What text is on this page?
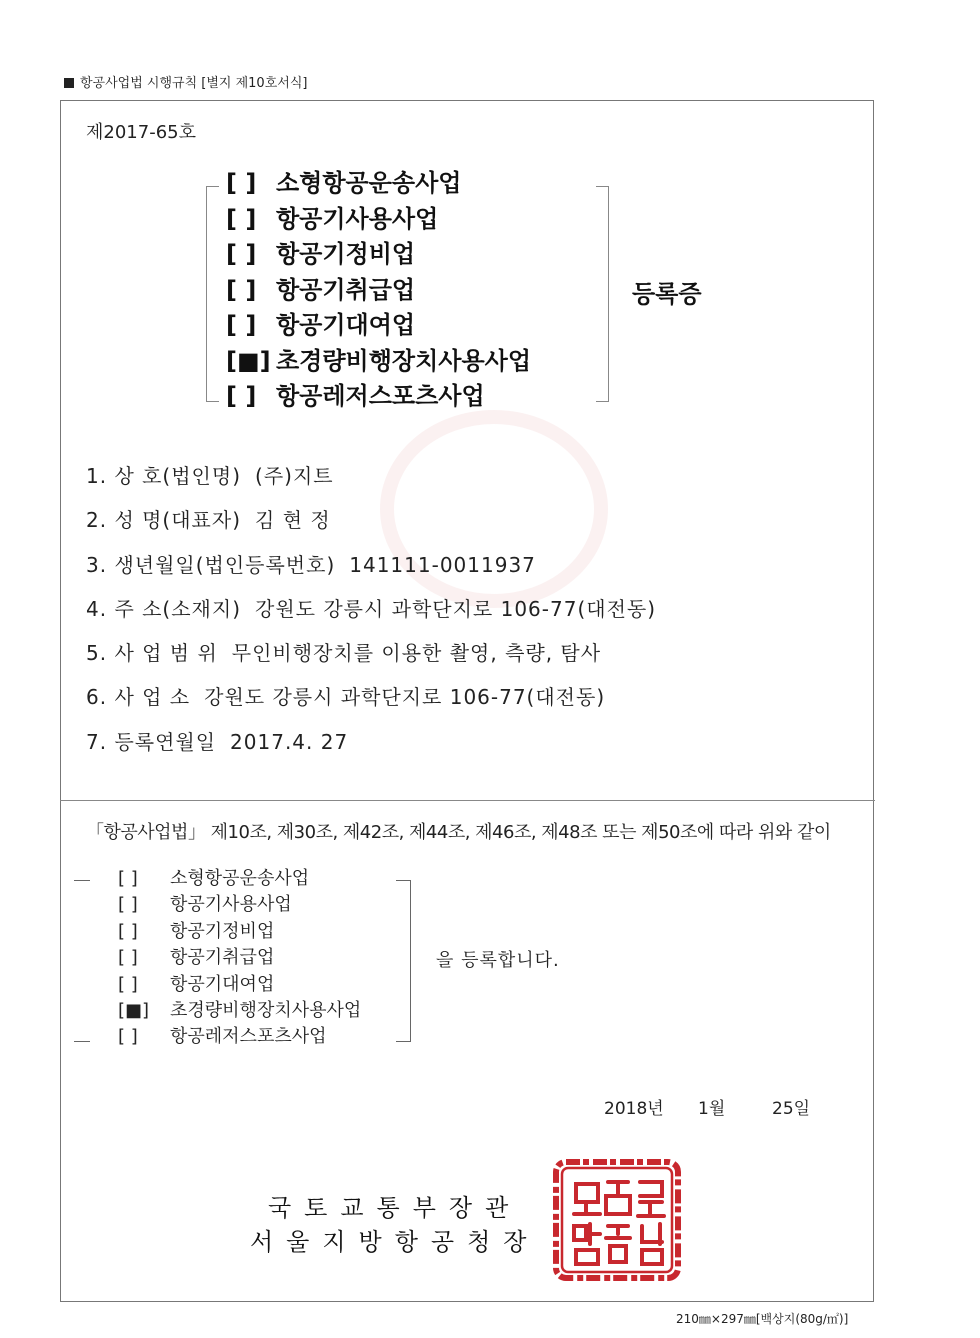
항공사업법 시행규칙 [별지 제10호서식]
제2017-65호
[ ] 소형항공운송사업
[ ] 항공기사용사업
[ ] 항공기정비업
[ ] 항공기취급업
[ ] 항공기대여업
[■] 초경량비행장치사용사업
[ ] 항공레저스포츠사업
등록증
1. 상 호(법인명) (주)지트
2. 성 명(대표자) 김 현 정
3. 생년월일(법인등록번호) 141111-0011937
4. 주 소(소재지) 강원도 강릉시 과학단지로 106-77(대전동)
5. 사 업 범 위 무인비행장치를 이용한 촬영, 측량, 탐사
6. 사 업 소 강원도 강릉시 과학단지로 106-77(대전동)
7. 등록연월일 2017.4. 27
「항공사업법」 제10조, 제30조, 제42조, 제44조, 제46조, 제48조 또는 제50조에 따라 위와 같이
[ ] 소형항공운송사업
[ ] 항공기사용사업
[ ] 항공기정비업
[ ] 항공기취급업
[ ] 항공기대여업
[■] 초경량비행장치사용사업
[ ] 항공레저스포츠사업
을 등록합니다.
2018년 1월	25일
국토교통부장관
서울지방항공청장
210㎜×297㎜[백상지(80g/㎡)]
